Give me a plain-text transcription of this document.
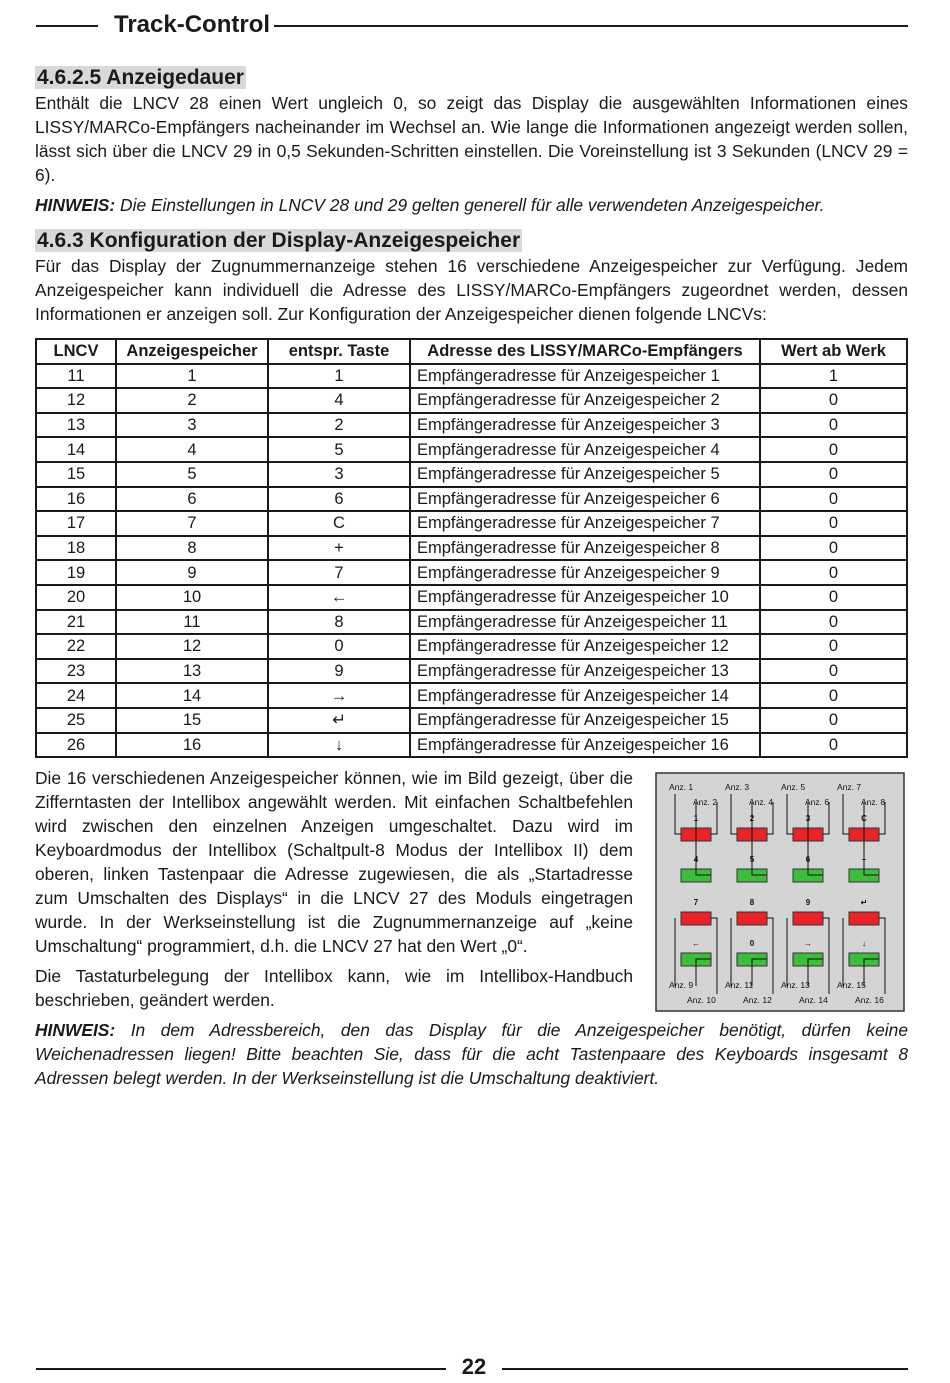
Track-Control
4.6.2.5 Anzeigedauer

Enthält die LNCV 28 einen Wert ungleich 0, so zeigt das Display die ausgewählten Informationen eines LISSY/MARCo-Empfängers nacheinander im Wechsel an. Wie lange die Informationen angezeigt werden sollen, lässt sich über die LNCV 29 in 0,5 Sekunden-Schritten einstellen. Die Voreinstellung ist 3 Sekunden (LNCV 29 = 6).

HINWEIS: Die Einstellungen in LNCV 28 und 29 gelten generell für alle verwendeten Anzeigespeicher.

4.6.3 Konfiguration der Display-Anzeigespeicher

Für das Display der Zugnummernanzeige stehen 16 verschiedene Anzeigespeicher zur Verfügung. Jedem Anzeigespeicher kann individuell die Adresse des LISSY/MARCo-Empfängers zugeordnet werden, dessen Informationen er anzeigen soll. Zur Konfiguration der Anzeigespeicher dienen folgende LNCVs:

LNCV	Anzeigespeicher	entspr. Taste	Adresse des LISSY/MARCo-Empfängers	Wert ab Werk
11	1	1	Empfängeradresse für Anzeigespeicher 1	1
12	2	4	Empfängeradresse für Anzeigespeicher 2	0
13	3	2	Empfängeradresse für Anzeigespeicher 3	0
14	4	5	Empfängeradresse für Anzeigespeicher 4	0
15	5	3	Empfängeradresse für Anzeigespeicher 5	0
16	6	6	Empfängeradresse für Anzeigespeicher 6	0
17	7	C	Empfängeradresse für Anzeigespeicher 7	0
18	8	+	Empfängeradresse für Anzeigespeicher 8	0
19	9	7	Empfängeradresse für Anzeigespeicher 9	0
20	10	←	Empfängeradresse für Anzeigespeicher 10	0
21	11	8	Empfängeradresse für Anzeigespeicher 11	0
22	12	0	Empfängeradresse für Anzeigespeicher 12	0
23	13	9	Empfängeradresse für Anzeigespeicher 13	0
24	14	→	Empfängeradresse für Anzeigespeicher 14	0
25	15	↵	Empfängeradresse für Anzeigespeicher 15	0
26	16	↓	Empfängeradresse für Anzeigespeicher 16	0

Die 16 verschiedenen Anzeigespeicher können, wie im Bild gezeigt, über die Zifferntasten der Intellibox angewählt werden. Mit einfachen Schaltbefehlen wird zwischen den einzelnen Anzeigen umgeschaltet. Dazu wird im Keyboardmodus der Intellibox (Schaltpult-8 Modus der Intellibox II) dem oberen, linken Tastenpaar die Adresse zugewiesen, die als „Startadresse zum Umschalten des Displays“ in die LNCV 27 des Moduls eingetragen wurde. In der Werkseinstellung ist die Zugnummernanzeige auf „keine Umschaltung“ programmiert, d.h. die LNCV 27 hat den Wert „0“.

Die Tastaturbelegung der Intellibox kann, wie im Intellibox-Handbuch beschrieben, geändert werden.

1	2	3	C
4	5	6	+
7	8	9	↵
←	0	→	↓
Anz. 1
Anz. 2
Anz. 3
Anz. 4
Anz. 5
Anz. 6
Anz. 7
Anz. 8
Anz. 9
Anz. 10
Anz. 11
Anz. 12
Anz. 13
Anz. 14
Anz. 15
Anz. 16

HINWEIS: In dem Adressbereich, den das Display für die Anzeigespeicher benötigt, dürfen keine Weichenadressen liegen! Bitte beachten Sie, dass für die acht Tastenpaare des Keyboards insgesamt 8 Adressen belegt werden. In der Werkseinstellung ist die Umschaltung deaktiviert.

22
